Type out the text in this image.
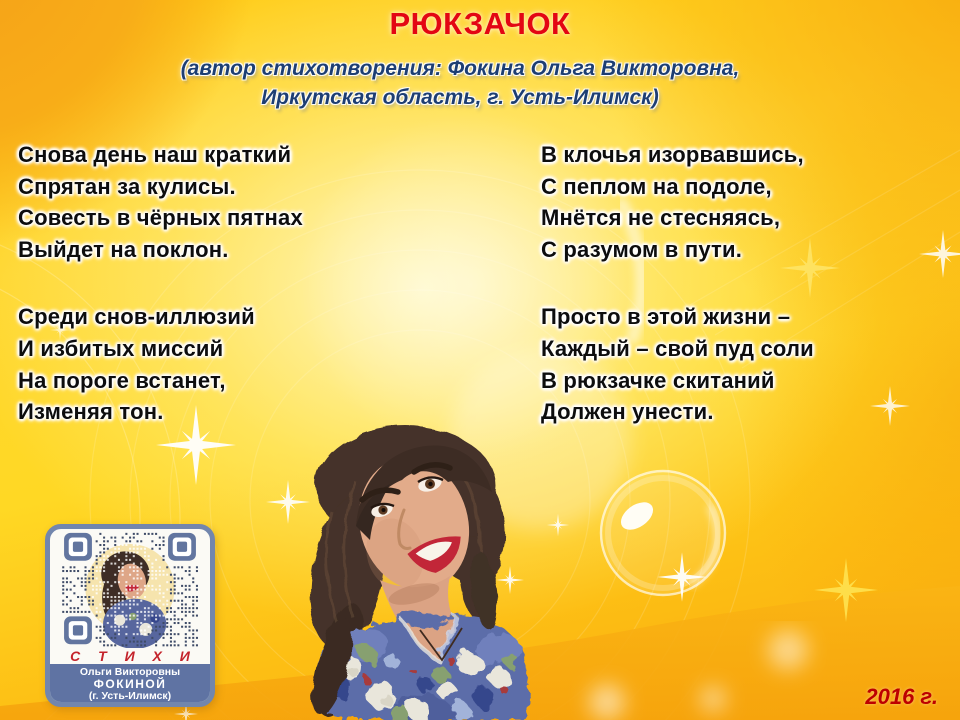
РЮКЗАЧОК
(автор стихотворения: Фокина Ольга Викторовна,
Иркутская область, г. Усть-Илимск)
Снова день наш краткий
Спрятан за кулисы.
Совесть в чёрных пятнах
Выйдет на поклон.
Среди снов-иллюзий
И избитых миссий
На пороге встанет,
Изменяя тон.
В клочья изорвавшись,
С пеплом на подоле,
Мнётся не стесняясь,
С разумом в пути.
Просто в этой жизни –
Каждый – свой пуд соли
В рюкзачке скитаний
Должен унести.
С Т И Х И
Ольги Викторовны
ФОКИНОЙ
(г. Усть-Илимск)	2016 г.
